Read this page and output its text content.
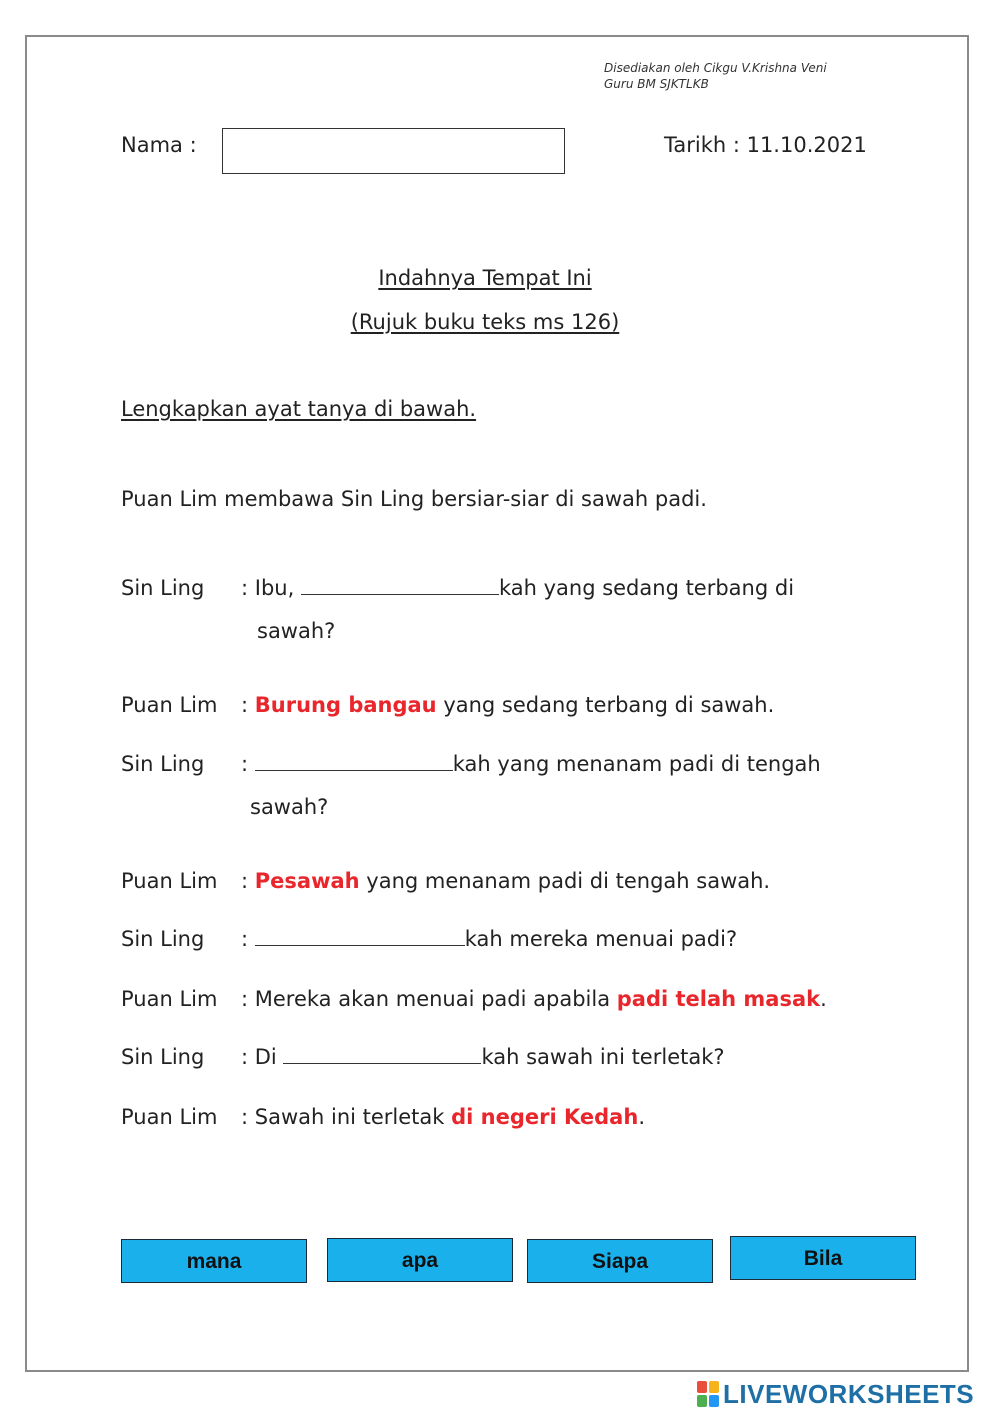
Disediakan oleh Cikgu V.Krishna Veni
Guru BM SJKTLKB
Nama :	Tarikh : 11.10.2021
Indahnya Tempat Ini
(Rujuk buku teks ms 126)
Lengkapkan ayat tanya di bawah.
Puan Lim membawa Sin Ling bersiar-siar di sawah padi.
Sin Ling : Ibu,	kah yang sedang terbang di
sawah?
Puan Lim : Burung bangau yang sedang terbang di sawah.
Sin Ling :	kah yang menanam padi di tengah
sawah?
Puan Lim : Pesawah yang menanam padi di tengah sawah.
Sin Ling :	kah mereka menuai padi?
Puan Lim : Mereka akan menuai padi apabila padi telah masak.
Sin Ling : Di	kah sawah ini terletak?
Puan Lim : Sawah ini terletak di negeri Kedah.
mana	apa	Siapa	Bila
LIVEWORKSHEETS
